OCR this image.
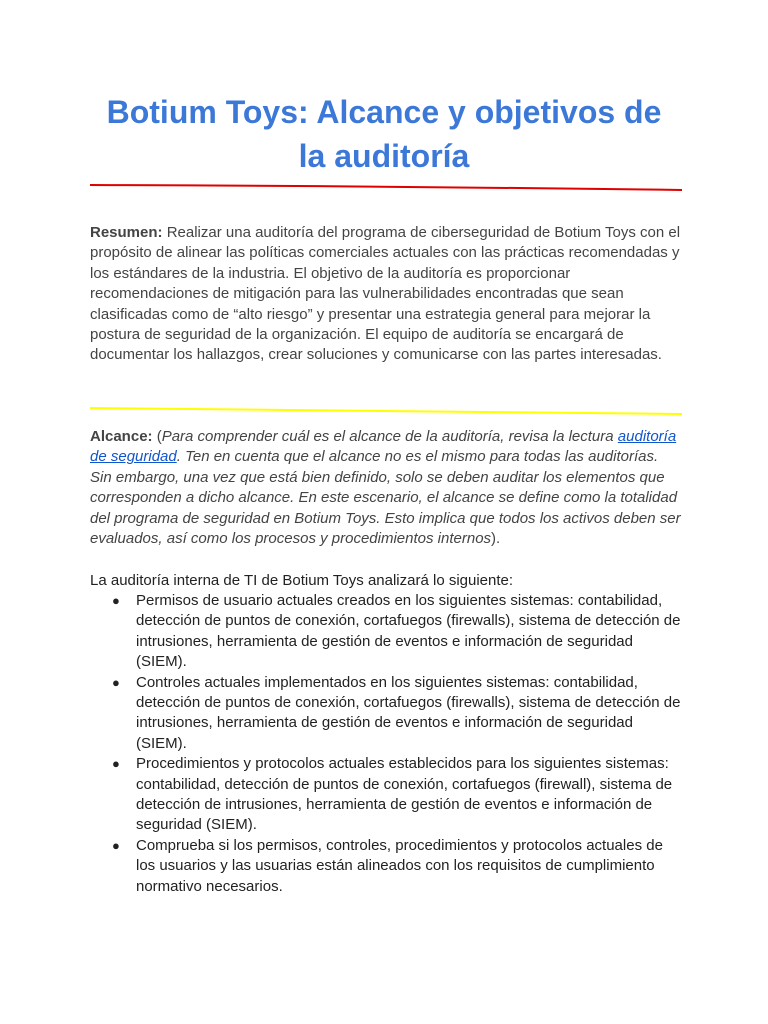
Botium Toys: Alcance y objetivos de la auditoría

Resumen: Realizar una auditoría del programa de ciberseguridad de Botium Toys con el propósito de alinear las políticas comerciales actuales con las prácticas recomendadas y los estándares de la industria. El objetivo de la auditoría es proporcionar recomendaciones de mitigación para las vulnerabilidades encontradas que sean clasificadas como de “alto riesgo” y presentar una estrategia general para mejorar la postura de seguridad de la organización. El equipo de auditoría se encargará de documentar los hallazgos, crear soluciones y comunicarse con las partes interesadas.

Alcance: (Para comprender cuál es el alcance de la auditoría, revisa la lectura auditoría de seguridad. Ten en cuenta que el alcance no es el mismo para todas las auditorías. Sin embargo, una vez que está bien definido, solo se deben auditar los elementos que corresponden a dicho alcance. En este escenario, el alcance se define como la totalidad del programa de seguridad en Botium Toys. Esto implica que todos los activos deben ser evaluados, así como los procesos y procedimientos internos).

La auditoría interna de TI de Botium Toys analizará lo siguiente:

● Permisos de usuario actuales creados en los siguientes sistemas: contabilidad, detección de puntos de conexión, cortafuegos (firewalls), sistema de detección de intrusiones, herramienta de gestión de eventos e información de seguridad (SIEM).
● Controles actuales implementados en los siguientes sistemas: contabilidad, detección de puntos de conexión, cortafuegos (firewalls), sistema de detección de intrusiones, herramienta de gestión de eventos e información de seguridad (SIEM).
● Procedimientos y protocolos actuales establecidos para los siguientes sistemas: contabilidad, detección de puntos de conexión, cortafuegos (firewall), sistema de detección de intrusiones, herramienta de gestión de eventos e información de seguridad (SIEM).
● Comprueba si los permisos, controles, procedimientos y protocolos actuales de los usuarios y las usuarias están alineados con los requisitos de cumplimiento normativo necesarios.
